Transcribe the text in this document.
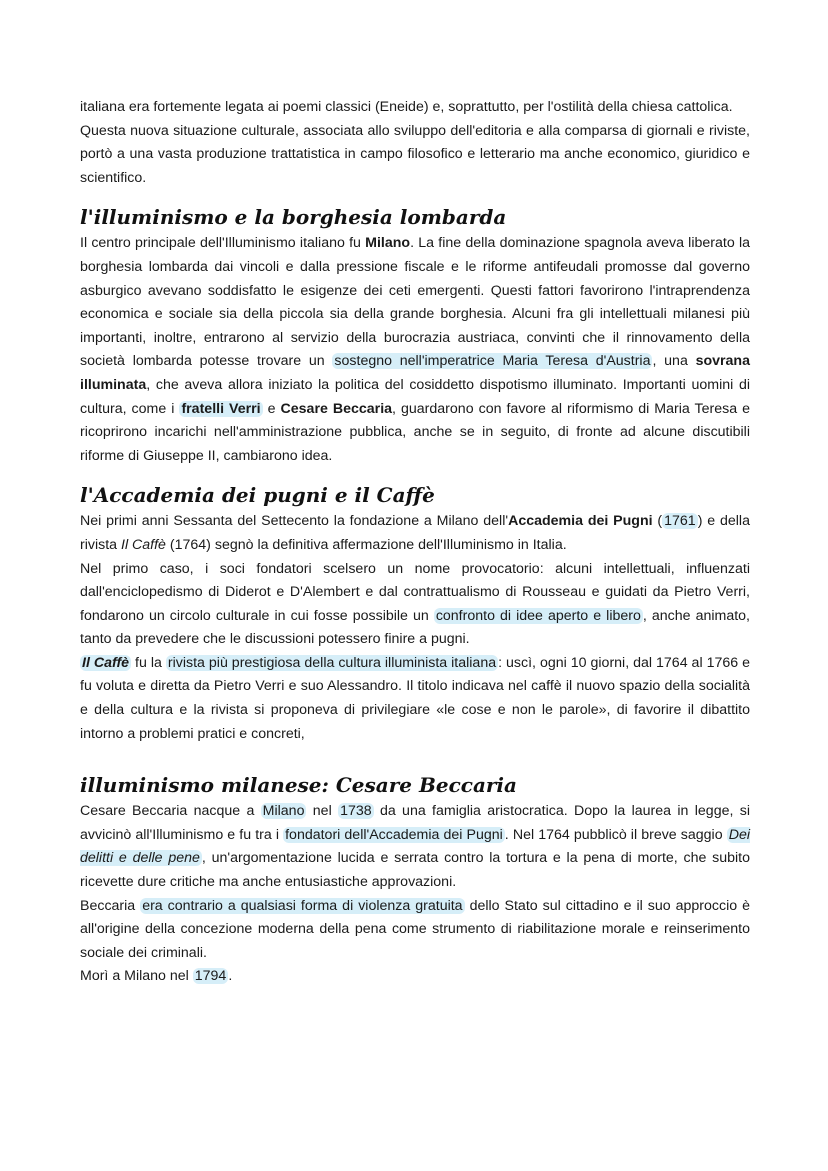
italiana era fortemente legata ai poemi classici (Eneide) e, soprattutto, per l'ostilità della chiesa cattolica.

Questa nuova situazione culturale, associata allo sviluppo dell'editoria e alla comparsa di giornali e riviste, portò a una vasta produzione trattatistica in campo filosofico e letterario ma anche economico, giuridico e scientifico.

l'illuminismo e la borghesia lombarda

Il centro principale dell'Illuminismo italiano fu Milano. La fine della dominazione spagnola aveva liberato la borghesia lombarda dai vincoli e dalla pressione fiscale e le riforme antifeudali promosse dal governo asburgico avevano soddisfatto le esigenze dei ceti emergenti. Questi fattori favorirono l'intraprendenza economica e sociale sia della piccola sia della grande borghesia. Alcuni fra gli intellettuali milanesi più importanti, inoltre, entrarono al servizio della burocrazia austriaca, convinti che il rinnovamento della società lombarda potesse trovare un sostegno nell'imperatrice Maria Teresa d'Austria , una sovrana illuminata, che aveva allora iniziato la politica del cosiddetto dispotismo illuminato. Importanti uomini di cultura, come i fratelli Verri e Cesare Beccaria, guardarono con favore al riformismo di Maria Teresa e ricoprirono incarichi nell'amministrazione pubblica, anche se in seguito, di fronte ad alcune discutibili riforme di Giuseppe II, cambiarono idea.

l'Accademia dei pugni e il Caffè

Nei primi anni Sessanta del Settecento la fondazione a Milano dell'Accademia dei Pugni ( 1761 ) e della rivista Il Caffè (1764) segnò la definitiva affermazione dell'Illuminismo in Italia.

Nel primo caso, i soci fondatori scelsero un nome provocatorio: alcuni intellettuali, influenzati dall'enciclopedismo di Diderot e D'Alembert e dal contrattualismo di Rousseau e guidati da Pietro Verri, fondarono un circolo culturale in cui fosse possibile un confronto di idee aperto e libero , anche animato, tanto da prevedere che le discussioni potessero finire a pugni.

Il Caffè fu la rivista più prestigiosa della cultura illuminista italiana : uscì, ogni 10 giorni, dal 1764 al 1766 e fu voluta e diretta da Pietro Verri e suo Alessandro. Il titolo indicava nel caffè il nuovo spazio della socialità e della cultura e la rivista si proponeva di privilegiare «le cose e non le parole», di favorire il dibattito intorno a problemi pratici e concreti,

illuminismo milanese: Cesare Beccaria

Cesare Beccaria nacque a Milano nel 1738 da una famiglia aristocratica. Dopo la laurea in legge, si avvicinò all'Illuminismo e fu tra i fondatori dell'Accademia dei Pugni . Nel 1764 pubblicò il breve saggio Dei delitti e delle pene , un'argomentazione lucida e serrata contro la tortura e la pena di morte, che subito ricevette dure critiche ma anche entusiastiche approvazioni.

Beccaria era contrario a qualsiasi forma di violenza gratuita dello Stato sul cittadino e il suo approccio è all'origine della concezione moderna della pena come strumento di riabilitazione morale e reinserimento sociale dei criminali.

Morì a Milano nel 1794 .
